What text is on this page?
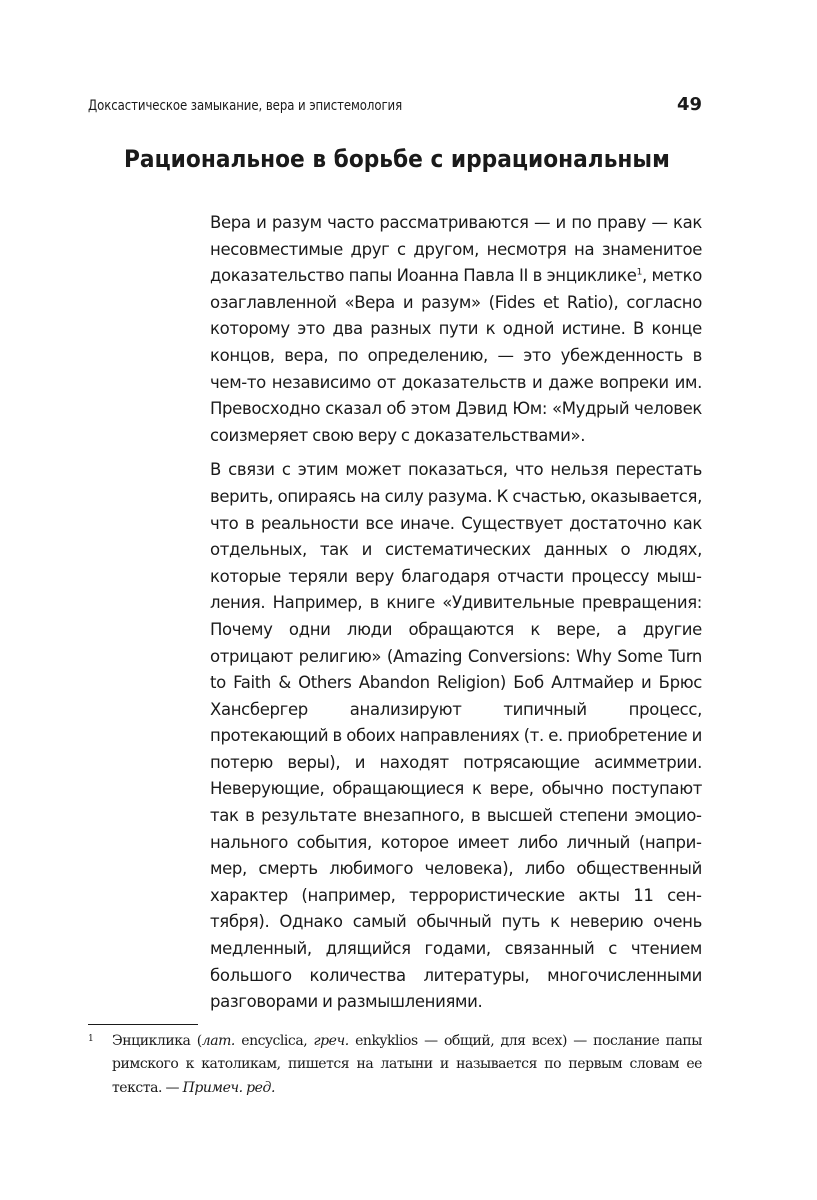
Доксастическое замыкание, вера и эпистемология	49
Рациональное в борьбе с иррациональным

Вера и разум часто рассматриваются — и по праву — как несовместимые друг с другом, несмотря на знаменитое доказательство папы Иоанна Павла II в энциклике$^1$, метко озаглавленной «Вера и разум» (Fides et Ratio), согласно которому это два разных пути к одной истине. В конце концов, вера, по определению, — это убежденность в чем-то независимо от доказательств и даже вопреки им. Превосходно сказал об этом Дэвид Юм: «Мудрый человек соизмеряет свою веру с доказательствами».

В связи с этим может показаться, что нельзя перестать верить, опираясь на силу разума. К счастью, оказывается, что в реальности все иначе. Существует достаточно как отдельных, так и систематических данных о людях, которые теряли веру благодаря отчасти процессу мышления. Например, в книге «Удивительные превращения: Почему одни люди обращаются к вере, а другие отрицают религию» (Amazing Conversions: Why Some Turn to Faith & Others Abandon Religion) Боб Алтмайер и Брюс Хансбергер анализируют типичный процесс, протекающий в обоих направлениях (т. е. приобретение и потерю веры), и находят потрясающие асимметрии. Неверующие, обращающиеся к вере, обычно поступают так в результате внезапного, в высшей степени эмоционального события, которое имеет либо личный (например, смерть любимого человека), либо общественный характер (например, террористические акты 11 сентября). Однако самый обычный путь к неверию очень медленный, длящийся годами, связанный с чтением большого количества литературы, многочисленными разговорами и размышлениями.

1 Энциклика (лат. encyclica, греч. enkyklios — общий, для всех) — послание папы римского к католикам, пишется на латыни и называется по первым словам ее текста. — Примеч. ред.
